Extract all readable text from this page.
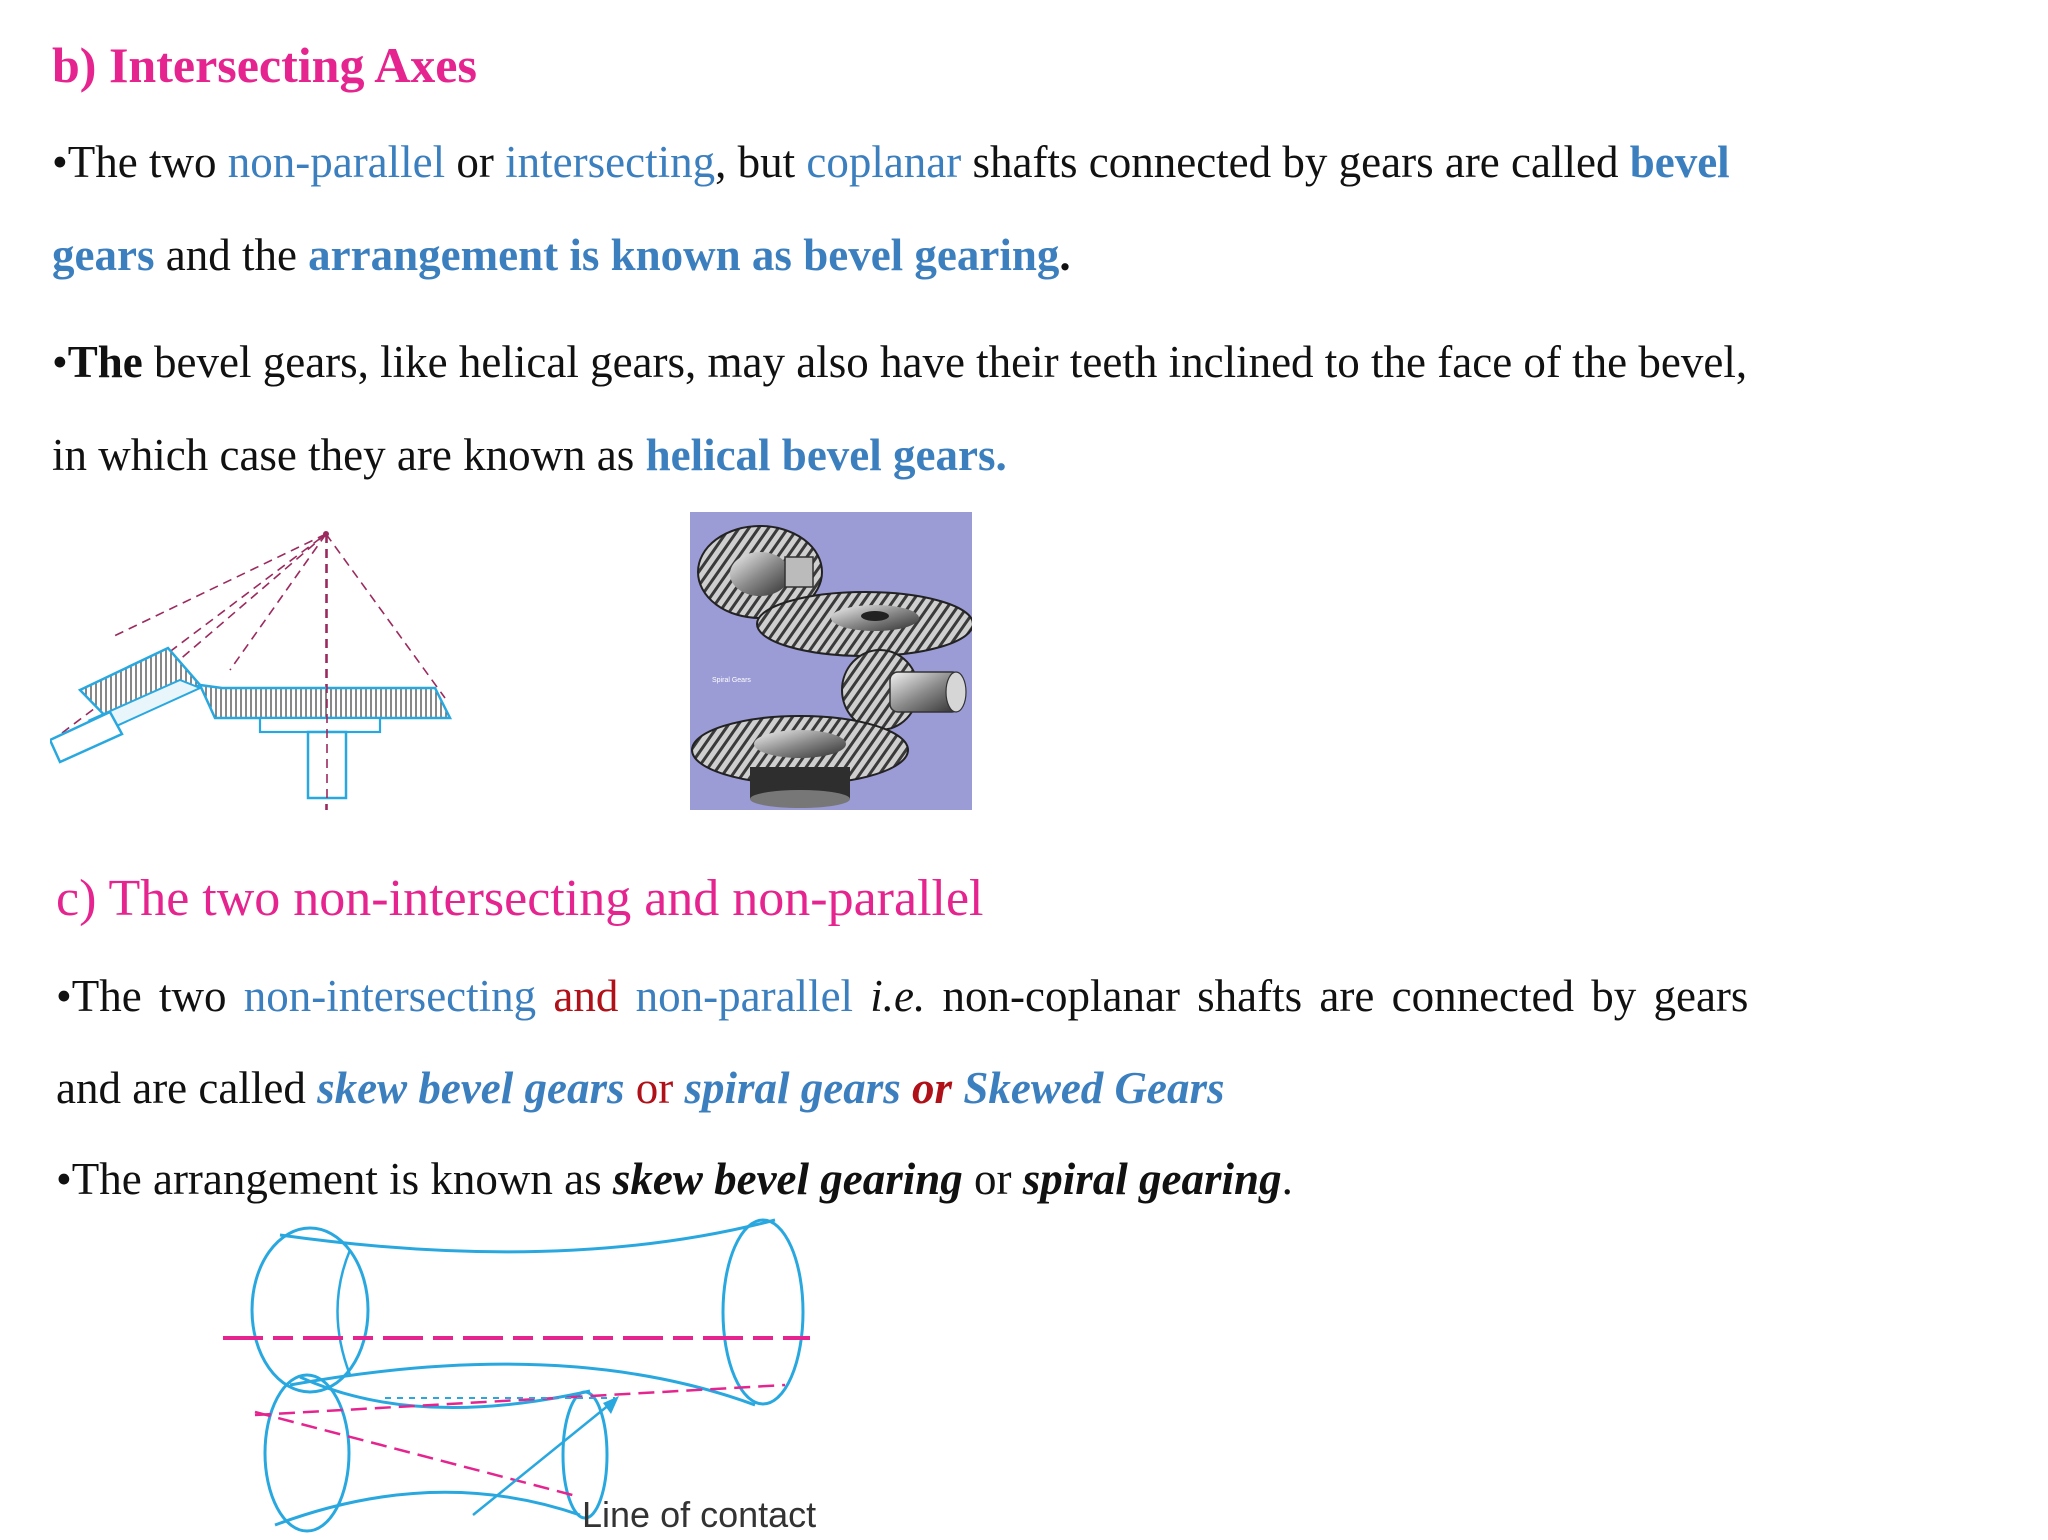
b) Intersecting Axes
•The two non-parallel or intersecting, but coplanar shafts connected by gears are called bevel
gears and the arrangement is known as bevel gearing.
•The bevel gears, like helical gears, may also have their teeth inclined to the face of the bevel,
in which case they are known as helical bevel gears.
Spiral Gears
c) The two non-intersecting and non-parallel
•The two non-intersecting and non-parallel i.e. non-coplanar shafts are connected by gears
and are called skew bevel gears or spiral gears or Skewed Gears
•The arrangement is known as skew bevel gearing or spiral gearing.
Line of contact
